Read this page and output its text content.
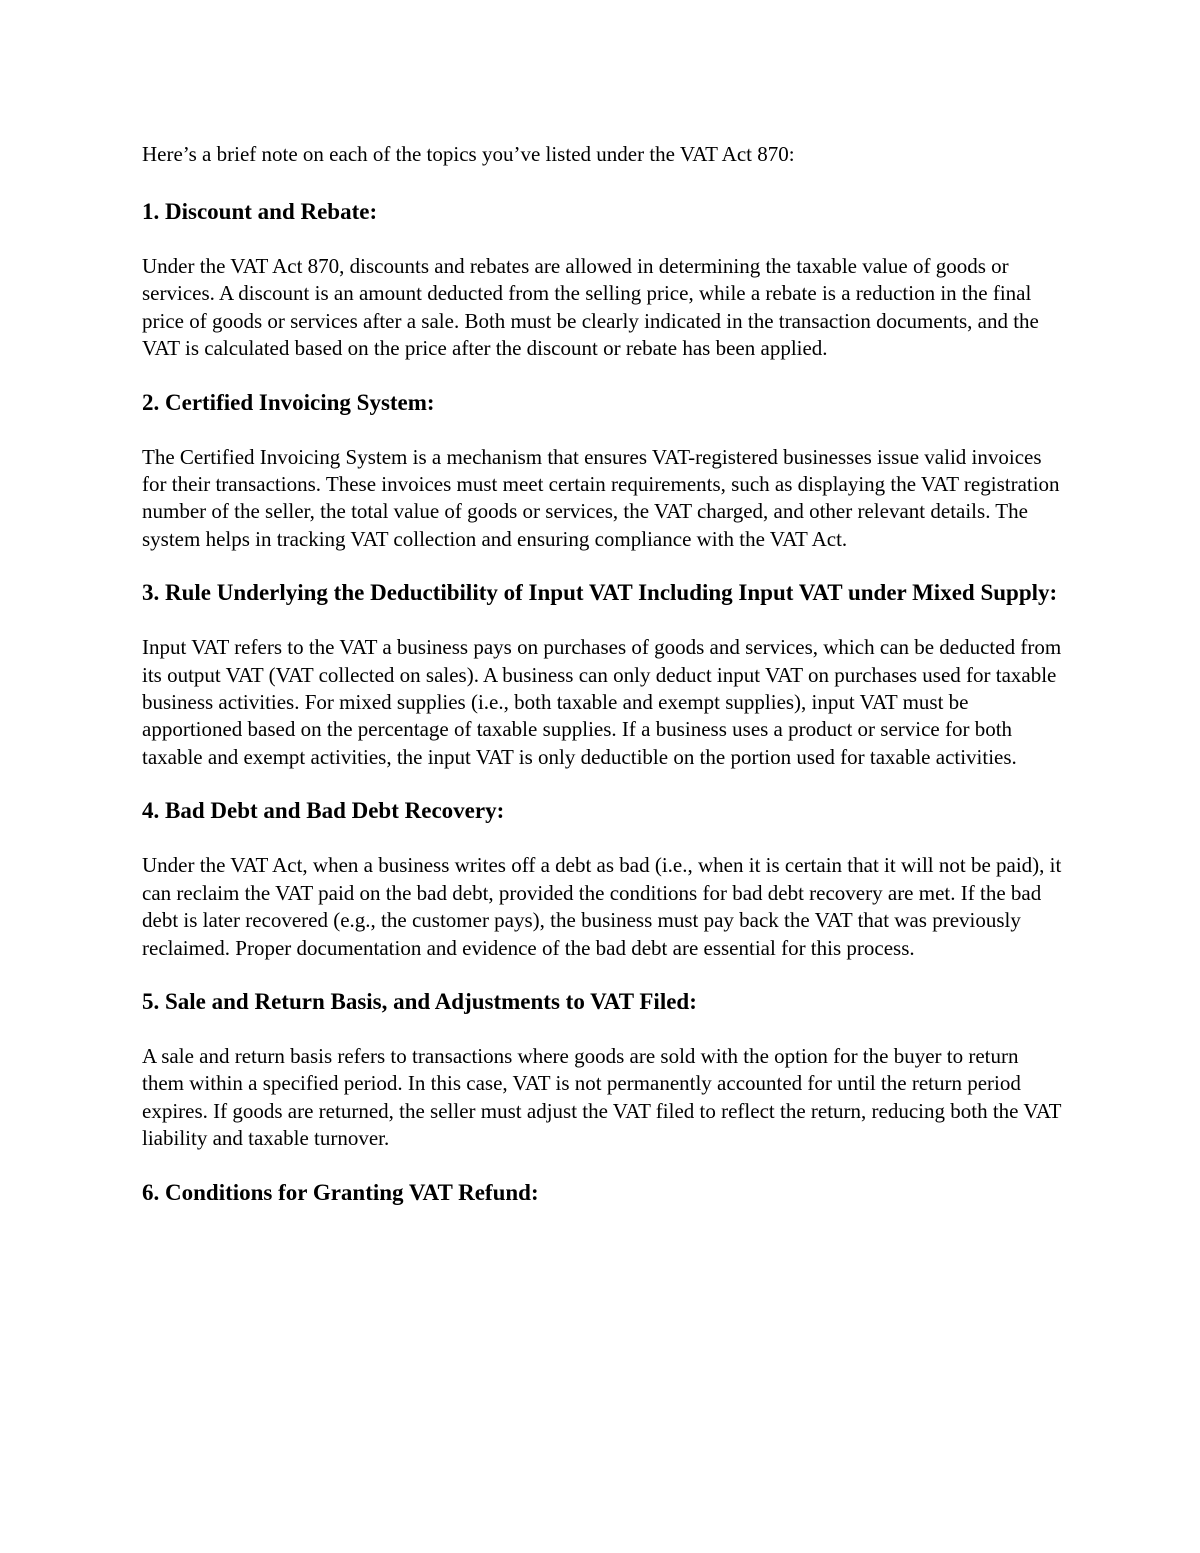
Here’s a brief note on each of the topics you’ve listed under the VAT Act 870:

1. Discount and Rebate:

Under the VAT Act 870, discounts and rebates are allowed in determining the taxable value of goods or services. A discount is an amount deducted from the selling price, while a rebate is a reduction in the final price of goods or services after a sale. Both must be clearly indicated in the transaction documents, and the VAT is calculated based on the price after the discount or rebate has been applied.

2. Certified Invoicing System:

The Certified Invoicing System is a mechanism that ensures VAT-registered businesses issue valid invoices for their transactions. These invoices must meet certain requirements, such as displaying the VAT registration number of the seller, the total value of goods or services, the VAT charged, and other relevant details. The system helps in tracking VAT collection and ensuring compliance with the VAT Act.

3. Rule Underlying the Deductibility of Input VAT Including Input VAT under Mixed Supply:

Input VAT refers to the VAT a business pays on purchases of goods and services, which can be deducted from its output VAT (VAT collected on sales). A business can only deduct input VAT on purchases used for taxable business activities. For mixed supplies (i.e., both taxable and exempt supplies), input VAT must be apportioned based on the percentage of taxable supplies. If a business uses a product or service for both taxable and exempt activities, the input VAT is only deductible on the portion used for taxable activities.

4. Bad Debt and Bad Debt Recovery:

Under the VAT Act, when a business writes off a debt as bad (i.e., when it is certain that it will not be paid), it can reclaim the VAT paid on the bad debt, provided the conditions for bad debt recovery are met. If the bad debt is later recovered (e.g., the customer pays), the business must pay back the VAT that was previously reclaimed. Proper documentation and evidence of the bad debt are essential for this process.

5. Sale and Return Basis, and Adjustments to VAT Filed:

A sale and return basis refers to transactions where goods are sold with the option for the buyer to return them within a specified period. In this case, VAT is not permanently accounted for until the return period expires. If goods are returned, the seller must adjust the VAT filed to reflect the return, reducing both the VAT liability and taxable turnover.

6. Conditions for Granting VAT Refund:
